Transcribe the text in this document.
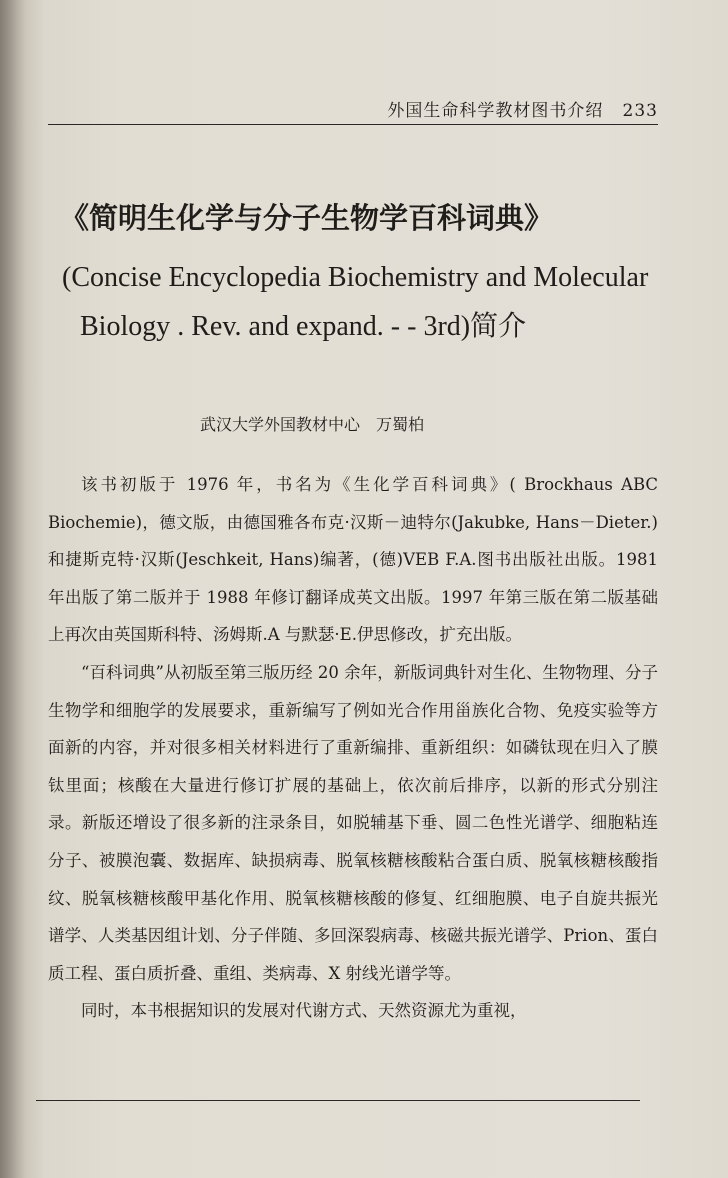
外国生命科学教材图书介绍 233
《简明生化学与分子生物学百科词典》
(Concise Encyclopedia Biochemistry and Molecular
Biology . Rev. and expand. - - 3rd)简介
武汉大学外国教材中心　万蜀柏

该书初版于 1976 年，书名为《生化学百科词典》( Brockhaus ABC Biochemie)，德文版，由德国雅各布克·汉斯－迪特尔(Jakubke, Hans－Dieter.)和捷斯克特·汉斯(Jeschkeit, Hans)编著，(德)VEB F.A.图书出版社出版。1981 年出版了第二版并于 1988 年修订翻译成英文出版。1997 年第三版在第二版基础上再次由英国斯科特、汤姆斯.A 与默瑟·E.伊思修改，扩充出版。

“百科词典”从初版至第三版历经 20 余年，新版词典针对生化、生物物理、分子生物学和细胞学的发展要求，重新编写了例如光合作用甾族化合物、免疫实验等方面新的内容，并对很多相关材料进行了重新编排、重新组织：如磷钛现在归入了膜钛里面；核酸在大量进行修订扩展的基础上，依次前后排序，以新的形式分别注录。新版还增设了很多新的注录条目，如脱辅基下垂、圆二色性光谱学、细胞粘连分子、被膜泡囊、数据库、缺损病毒、脱氧核糖核酸粘合蛋白质、脱氧核糖核酸指纹、脱氧核糖核酸甲基化作用、脱氧核糖核酸的修复、红细胞膜、电子自旋共振光谱学、人类基因组计划、分子伴随、多回深裂病毒、核磁共振光谱学、Prion、蛋白质工程、蛋白质折叠、重组、类病毒、X 射线光谱学等。

同时，本书根据知识的发展对代谢方式、天然资源尤为重视，
